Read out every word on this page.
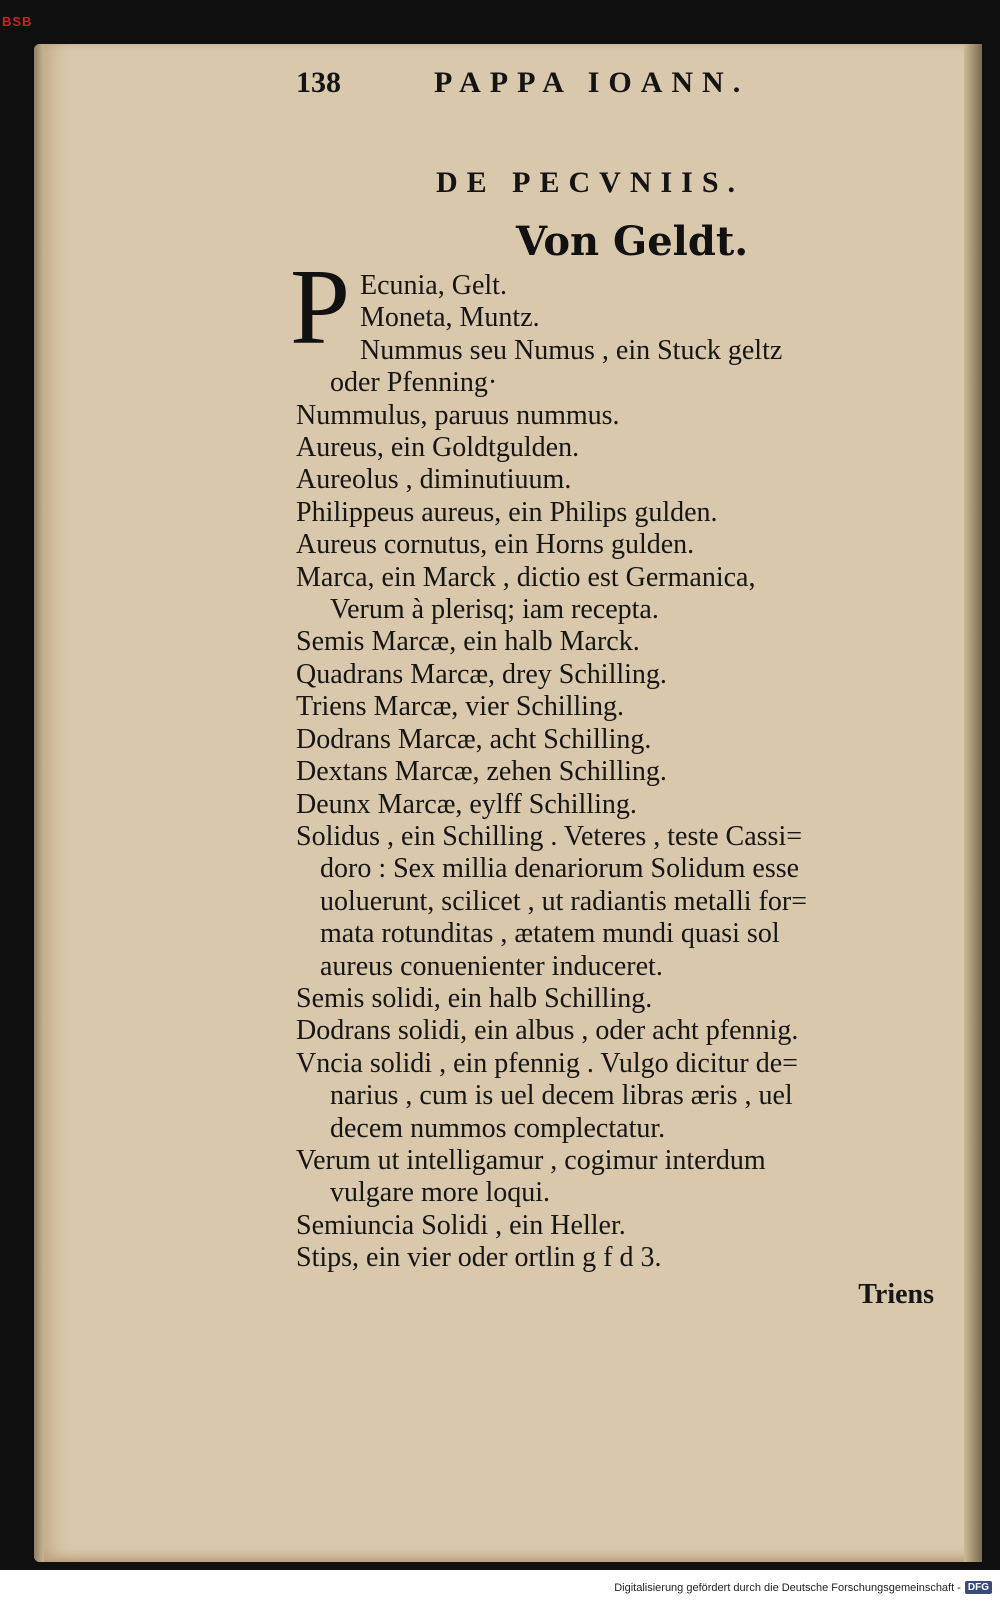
BSB
138	PAPPA IOANN.
DE PECVNIIS.
Von Geldt.
P Ecunia, Gelt.
Moneta, Muntz.
Nummus seu Numus , ein Stuck geltz
oder Pfenning·
Nummulus, paruus nummus.
Aureus, ein Goldtgulden.
Aureolus , diminutiuum.
Philippeus aureus, ein Philips gulden.
Aureus cornutus, ein Horns gulden.
Marca, ein Marck , dictio est Germanica,
Verum à plerisq; iam recepta.
Semis Marcæ, ein halb Marck.
Quadrans Marcæ, drey Schilling.
Triens Marcæ, vier Schilling.
Dodrans Marcæ, acht Schilling.
Dextans Marcæ, zehen Schilling.
Deunx Marcæ, eylff Schilling.
Solidus , ein Schilling . Veteres , teste Cassi=
doro : Sex millia denariorum Solidum esse
uoluerunt, scilicet , ut radiantis metalli for=
mata rotunditas , ætatem mundi quasi sol
aureus conuenienter induceret.
Semis solidi, ein halb Schilling.
Dodrans solidi, ein albus , oder acht pfennig.
Vncia solidi , ein pfennig . Vulgo dicitur de=
narius , cum is uel decem libras æris , uel
decem nummos complectatur.
Verum ut intelligamur , cogimur interdum
vulgare more loqui.
Semiuncia Solidi , ein Heller.
Stips, ein vier oder ortlin g f d 3.
Triens
Digitalisierung gefördert durch die Deutsche Forschungsgemeinschaft - DFG
